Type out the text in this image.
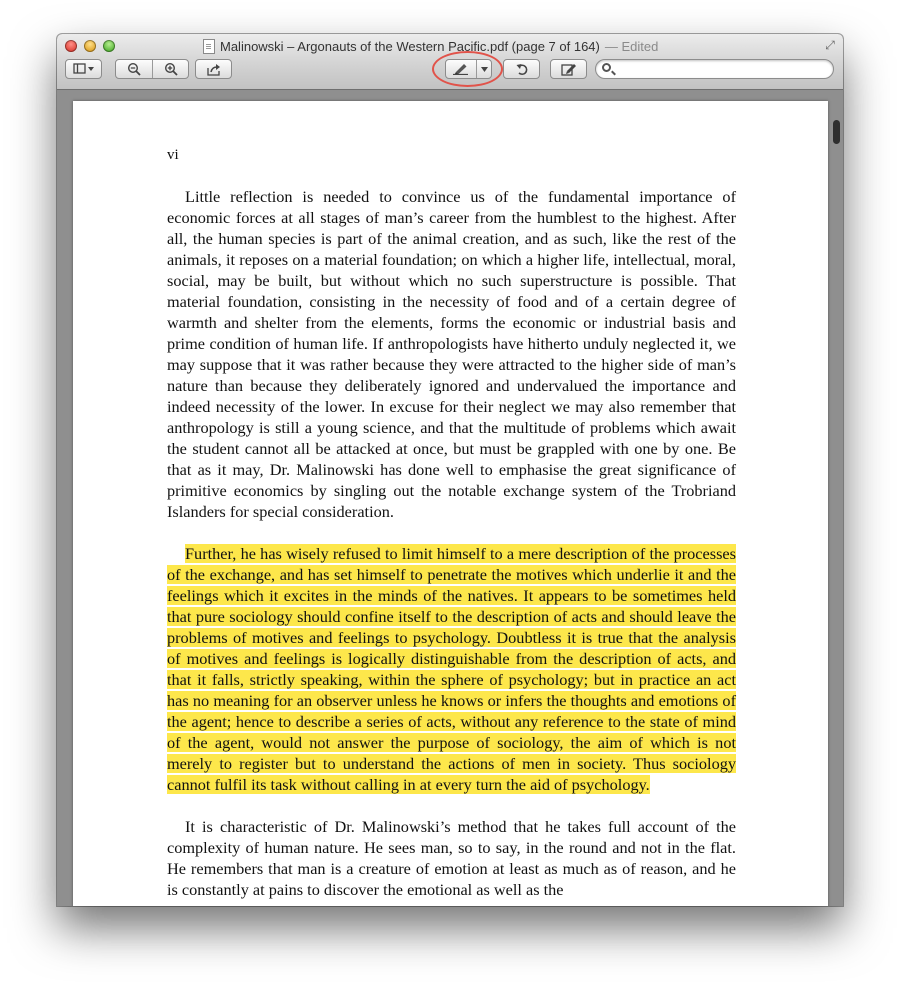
Malinowski – Argonauts of the Western Pacific.pdf (page 7 of 164) — Edited	⤢
vi

Little reflection is needed to convince us of the fundamental importance of economic forces at all stages of man’s career from the humblest to the highest. After all, the human species is part of the animal creation, and as such, like the rest of the animals, it reposes on a material foundation; on which a higher life, intellectual, moral, social, may be built, but without which no such superstructure is possible. That material foundation, consisting in the necessity of food and of a certain degree of warmth and shelter from the elements, forms the economic or industrial basis and prime condition of human life. If anthropologists have hitherto unduly neglected it, we may suppose that it was rather because they were attracted to the higher side of man’s nature than because they deliberately ignored and undervalued the importance and indeed necessity of the lower. In excuse for their neglect we may also remember that anthropology is still a young science, and that the multitude of problems which await the student cannot all be attacked at once, but must be grappled with one by one. Be that as it may, Dr. Malinowski has done well to emphasise the great significance of primitive economics by singling out the notable exchange system of the Trobriand Islanders for special consideration.

Further, he has wisely refused to limit himself to a mere description of the processes of the exchange, and has set himself to penetrate the motives which underlie it and the feelings which it excites in the minds of the natives. It appears to be sometimes held that pure sociology should confine itself to the description of acts and should leave the problems of motives and feelings to psychology. Doubtless it is true that the analysis of motives and feelings is logically distinguishable from the description of acts, and that it falls, strictly speaking, within the sphere of psychology; but in practice an act has no meaning for an observer unless he knows or infers the thoughts and emotions of the agent; hence to describe a series of acts, without any reference to the state of mind of the agent, would not answer the purpose of sociology, the aim of which is not merely to register but to understand the actions of men in society. Thus sociology cannot fulfil its task without calling in at every turn the aid of psychology.

It is characteristic of Dr. Malinowski’s method that he takes full account of the complexity of human nature. He sees man, so to say, in the round and not in the flat. He remembers that man is a creature of emotion at least as much as of reason, and he is constantly at pains to discover the emotional as well as the
